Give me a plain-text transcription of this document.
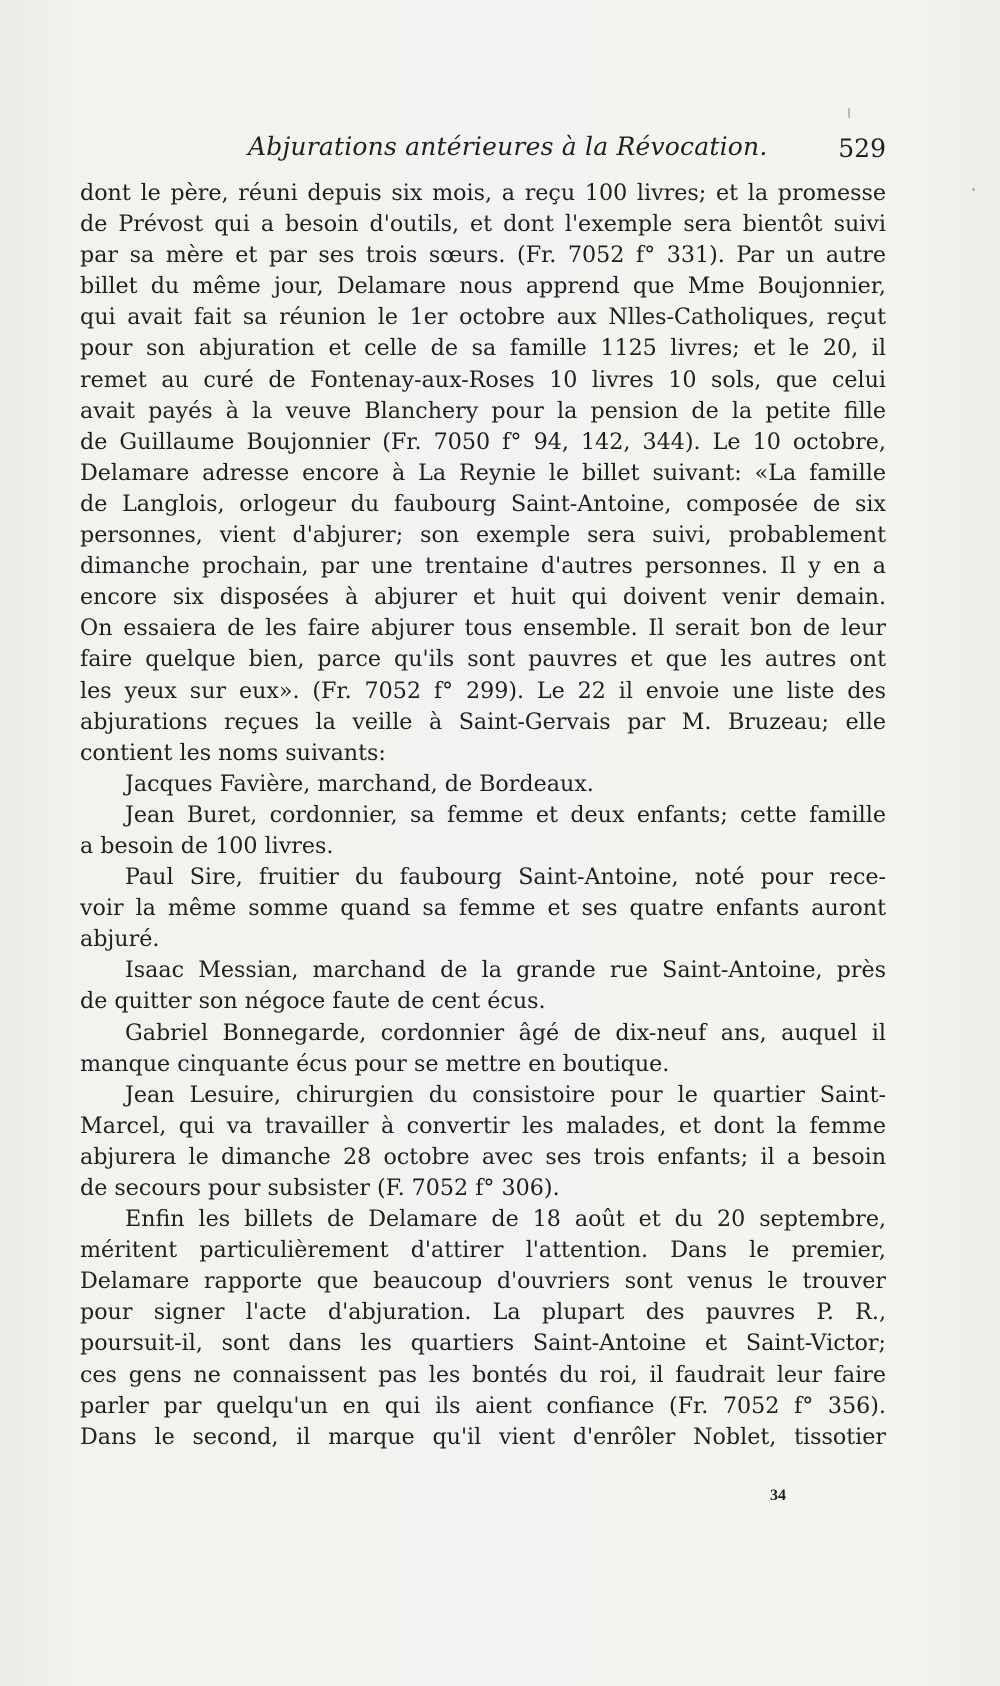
Abjurations antérieures à la Révocation.	529
dont le père, réuni depuis six mois, a reçu 100 livres; et la promesse
de Prévost qui a besoin d'outils, et dont l'exemple sera bientôt suivi
par sa mère et par ses trois sœurs. (Fr. 7052 f° 331). Par un autre
billet du même jour, Delamare nous apprend que Mme Boujonnier,
qui avait fait sa réunion le 1er octobre aux Nlles-Catholiques, reçut
pour son abjuration et celle de sa famille 1125 livres; et le 20, il
remet au curé de Fontenay-aux-Roses 10 livres 10 sols, que celui
avait payés à la veuve Blanchery pour la pension de la petite fille
de Guillaume Boujonnier (Fr. 7050 f° 94, 142, 344). Le 10 octobre,
Delamare adresse encore à La Reynie le billet suivant: «La famille
de Langlois, orlogeur du faubourg Saint-Antoine, composée de six
personnes, vient d'abjurer; son exemple sera suivi, probablement
dimanche prochain, par une trentaine d'autres personnes. Il y en a
encore six disposées à abjurer et huit qui doivent venir demain.
On essaiera de les faire abjurer tous ensemble. Il serait bon de leur
faire quelque bien, parce qu'ils sont pauvres et que les autres ont
les yeux sur eux». (Fr. 7052 f° 299). Le 22 il envoie une liste des
abjurations reçues la veille à Saint-Gervais par M. Bruzeau; elle
contient les noms suivants:
Jacques Favière, marchand, de Bordeaux.
Jean Buret, cordonnier, sa femme et deux enfants; cette famille
a besoin de 100 livres.
Paul Sire, fruitier du faubourg Saint-Antoine, noté pour rece-
voir la même somme quand sa femme et ses quatre enfants auront
abjuré.
Isaac Messian, marchand de la grande rue Saint-Antoine, près
de quitter son négoce faute de cent écus.
Gabriel Bonnegarde, cordonnier âgé de dix-neuf ans, auquel il
manque cinquante écus pour se mettre en boutique.
Jean Lesuire, chirurgien du consistoire pour le quartier Saint-
Marcel, qui va travailler à convertir les malades, et dont la femme
abjurera le dimanche 28 octobre avec ses trois enfants; il a besoin
de secours pour subsister (F. 7052 f° 306).
Enfin les billets de Delamare de 18 août et du 20 septembre,
méritent particulièrement d'attirer l'attention. Dans le premier,
Delamare rapporte que beaucoup d'ouvriers sont venus le trouver
pour signer l'acte d'abjuration. La plupart des pauvres P. R.,
poursuit-il, sont dans les quartiers Saint-Antoine et Saint-Victor;
ces gens ne connaissent pas les bontés du roi, il faudrait leur faire
parler par quelqu'un en qui ils aient confiance (Fr. 7052 f° 356).
Dans le second, il marque qu'il vient d'enrôler Noblet, tissotier
34
